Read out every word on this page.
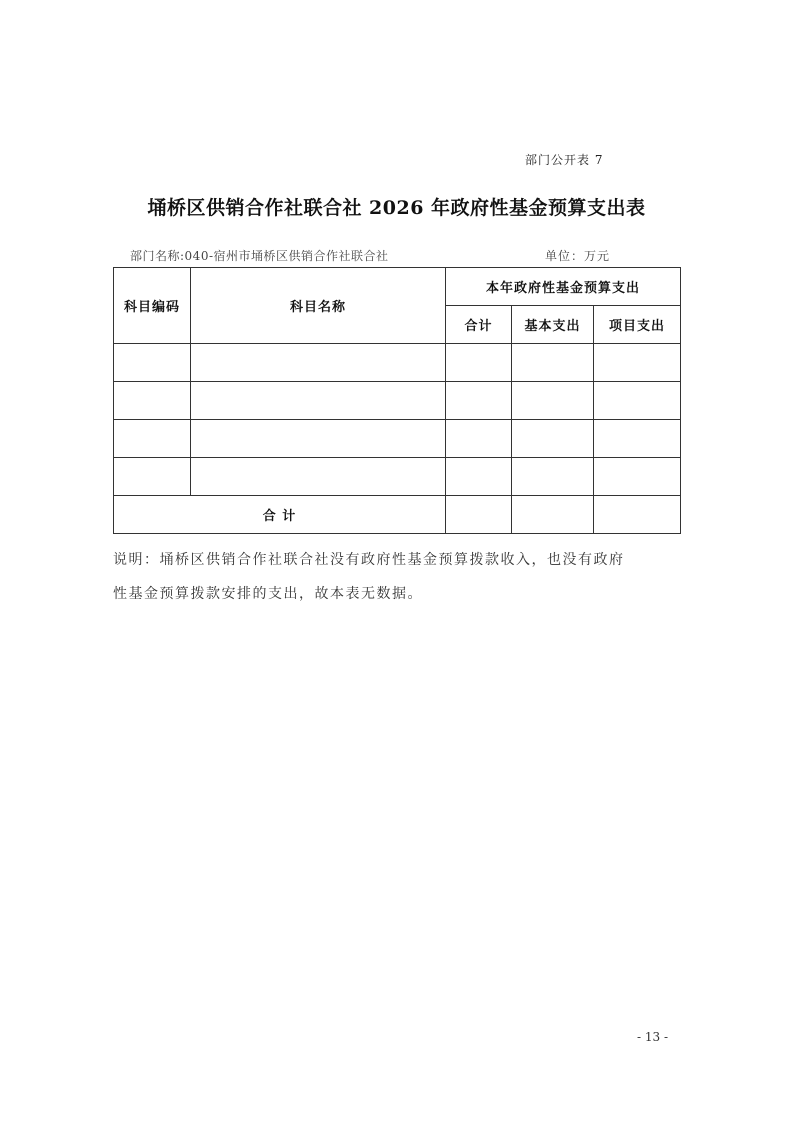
部门公开表 7
埇桥区供销合作社联合社 2026 年政府性基金预算支出表
部门名称:040-宿州市埇桥区供销合作社联合社	单位：万元
科目编码	科目名称	本年政府性基金预算支出		
		合计	基本支出	项目支出

合 计				

说明：埇桥区供销合作社联合社没有政府性基金预算拨款收入，也没有政府

性基金预算拨款安排的支出，故本表无数据。

- 13 -
